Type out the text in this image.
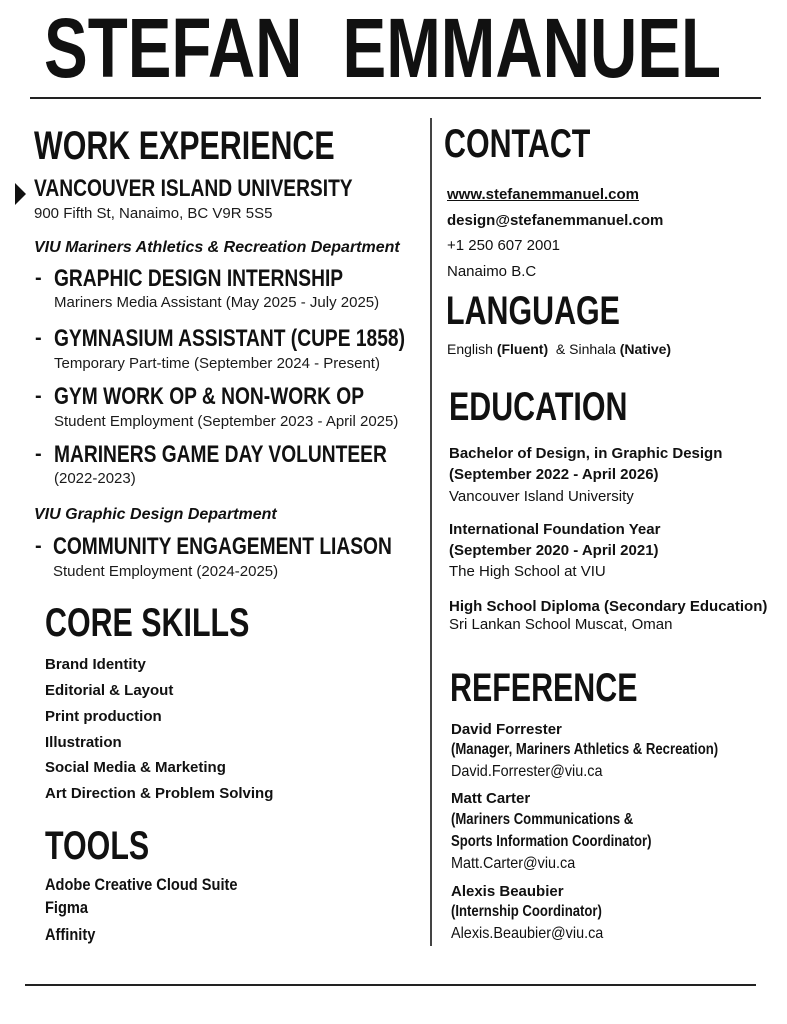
STEFAN EMMANUEL
WORK EXPERIENCE
VANCOUVER ISLAND UNIVERSITY
900 Fifth St, Nanaimo, BC V9R 5S5
VIU Mariners Athletics & Recreation Department
- GRAPHIC DESIGN INTERNSHIP
Mariners Media Assistant (May 2025 - July 2025)
- GYMNASIUM ASSISTANT (CUPE 1858)
Temporary Part-time (September 2024 - Present)
- GYM WORK OP & NON-WORK OP
Student Employment (September 2023 - April 2025)
- MARINERS GAME DAY VOLUNTEER
(2022-2023)
VIU Graphic Design Department
- COMMUNITY ENGAGEMENT LIASON
Student Employment (2024-2025)
CORE SKILLS
Brand Identity
Editorial & Layout
Print production
Illustration
Social Media & Marketing
Art Direction & Problem Solving
TOOLS
Adobe Creative Cloud Suite
Figma
Affinity
CONTACT
www.stefanemmanuel.com
design@stefanemmanuel.com
+1 250 607 2001
Nanaimo B.C
LANGUAGE
English (Fluent)  & Sinhala (Native)
EDUCATION
Bachelor of Design, in Graphic Design
(September 2022 - April 2026)
Vancouver Island University
International Foundation Year
(September 2020 - April 2021)
The High School at VIU
High School Diploma (Secondary Education)
Sri Lankan School Muscat, Oman
REFERENCE
David Forrester
(Manager, Mariners Athletics & Recreation)
David.Forrester@viu.ca
Matt Carter
(Mariners Communications &
Sports Information Coordinator)
Matt.Carter@viu.ca
Alexis Beaubier
(Internship Coordinator)
Alexis.Beaubier@viu.ca
